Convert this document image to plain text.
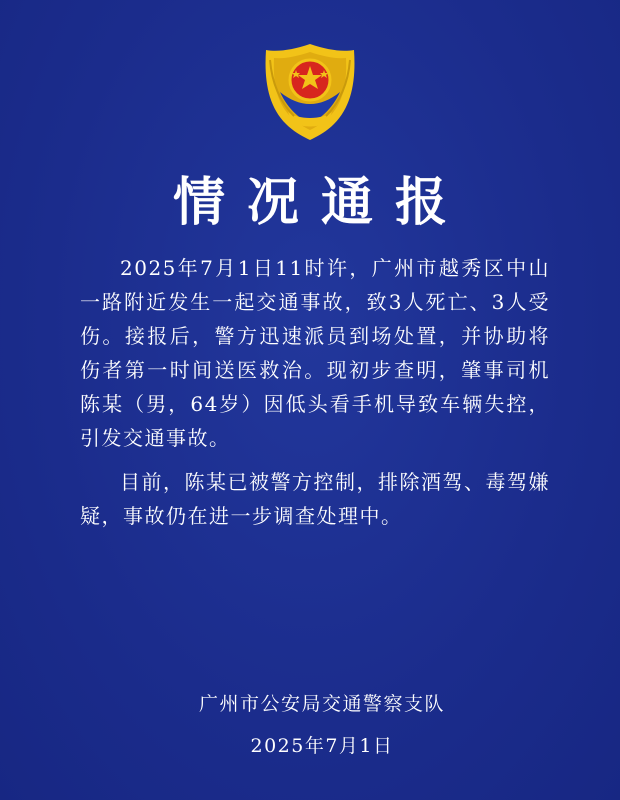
情况通报

2025年7月1日11时许，广州市越秀区中山一路附近发生一起交通事故，致3人死亡、3人受伤。接报后，警方迅速派员到场处置，并协助将伤者第一时间送医救治。现初步查明，肇事司机陈某（男，64岁）因低头看手机导致车辆失控，引发交通事故。

目前，陈某已被警方控制，排除酒驾、毒驾嫌疑，事故仍在进一步调查处理中。

广州市公安局交通警察支队
2025年7月1日
